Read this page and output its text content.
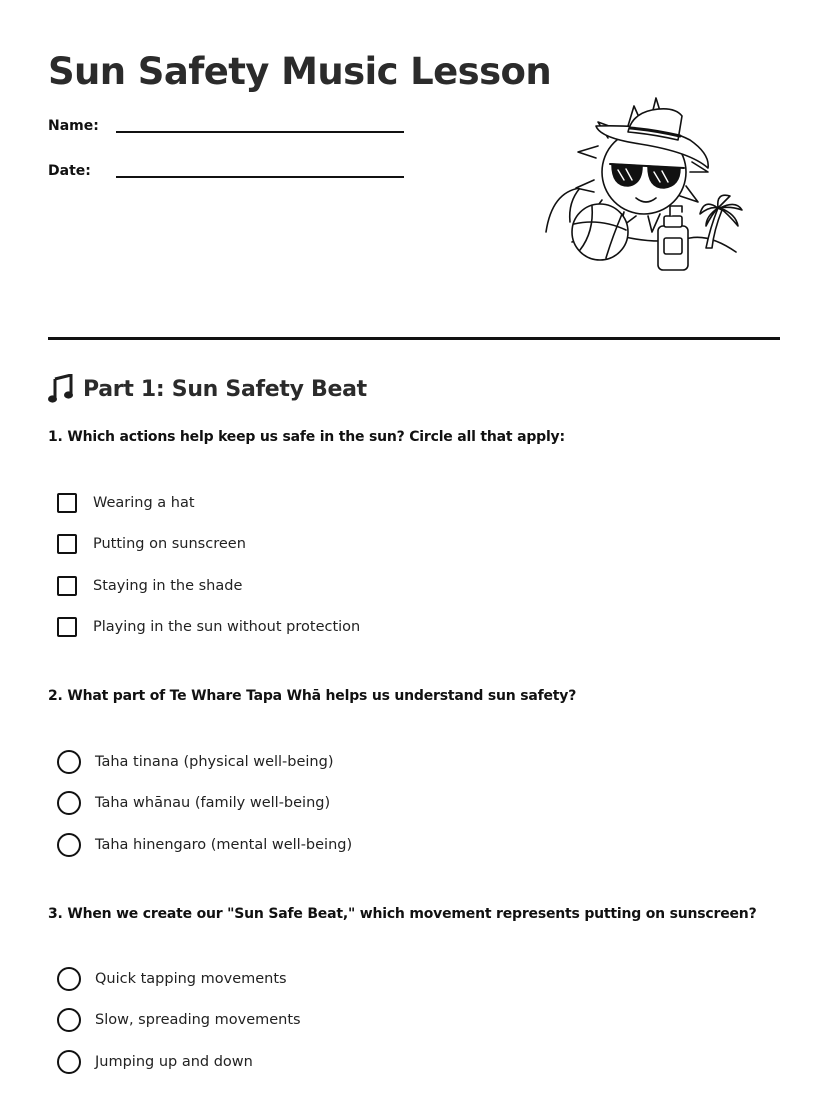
Sun Safety Music Lesson
Name:
Date:
Part 1: Sun Safety Beat
1. Which actions help keep us safe in the sun? Circle all that apply:
Wearing a hat
Putting on sunscreen
Staying in the shade
Playing in the sun without protection
2. What part of Te Whare Tapa Whā helps us understand sun safety?
Taha tinana (physical well-being)
Taha whānau (family well-being)
Taha hinengaro (mental well-being)
3. When we create our "Sun Safe Beat," which movement represents putting on sunscreen?
Quick tapping movements
Slow, spreading movements
Jumping up and down
